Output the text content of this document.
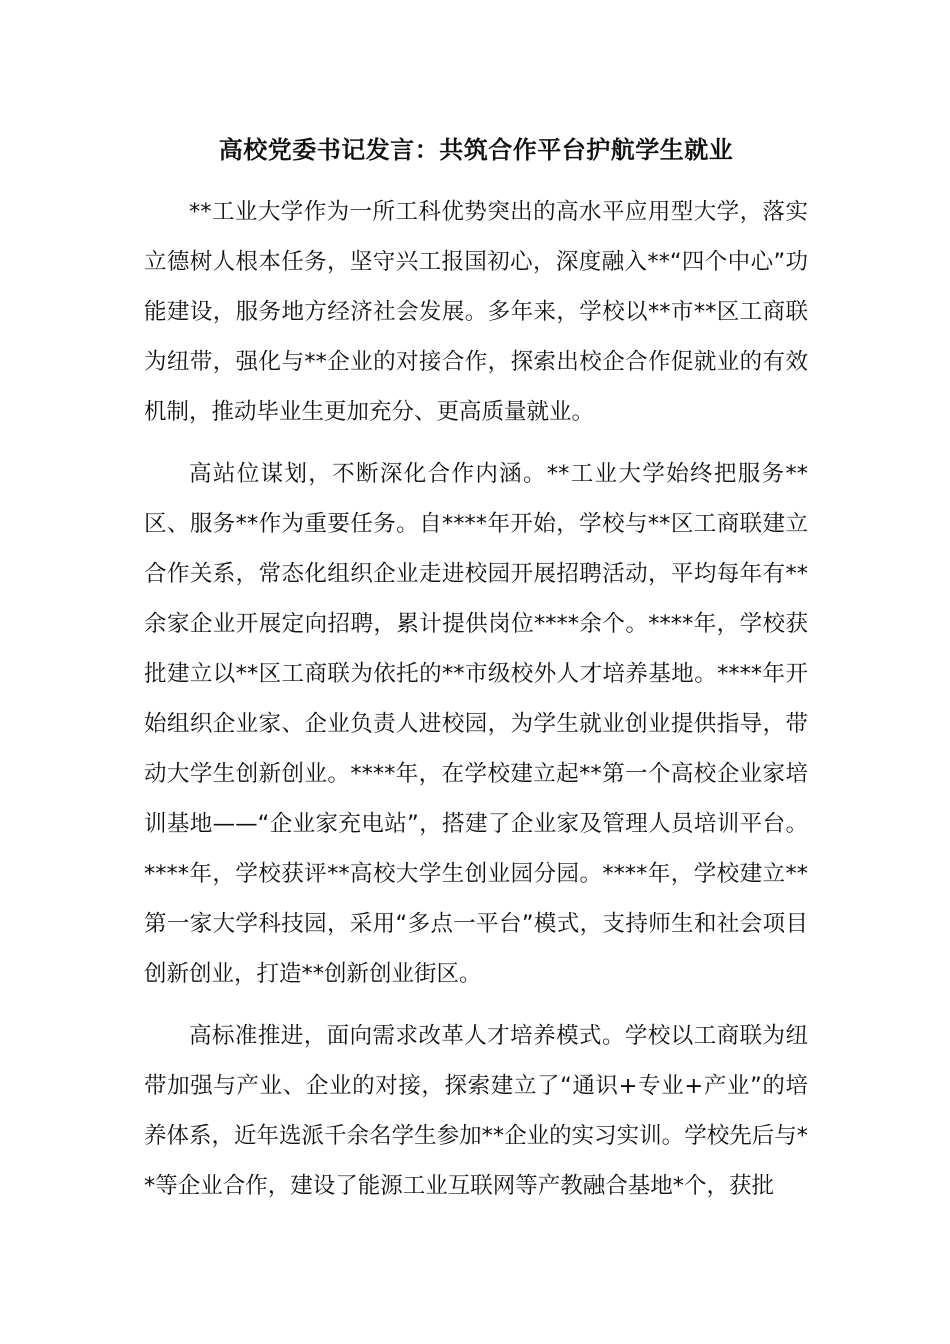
高校党委书记发言：共筑合作平台护航学生就业

**工业大学作为一所工科优势突出的高水平应用型大学，落实立德树人根本任务，坚守兴工报国初心，深度融入**“四个中心”功能建设，服务地方经济社会发展。多年来，学校以**市**区工商联为纽带，强化与**企业的对接合作，探索出校企合作促就业的有效机制，推动毕业生更加充分、更高质量就业。

高站位谋划，不断深化合作内涵。**工业大学始终把服务**区、服务**作为重要任务。自****年开始，学校与**区工商联建立合作关系，常态化组织企业走进校园开展招聘活动，平均每年有**余家企业开展定向招聘，累计提供岗位****余个。****年，学校获批建立以**区工商联为依托的**市级校外人才培养基地。****年开始组织企业家、企业负责人进校园，为学生就业创业提供指导，带动大学生创新创业。****年，在学校建立起**第一个高校企业家培训基地——“企业家充电站”，搭建了企业家及管理人员培训平台。****年，学校获评**高校大学生创业园分园。****年，学校建立**第一家大学科技园，采用“多点一平台”模式，支持师生和社会项目创新创业，打造**创新创业街区。

高标准推进，面向需求改革人才培养模式。学校以工商联为纽带加强与产业、企业的对接，探索建立了“通识+专业+产业”的培养体系，近年选派千余名学生参加**企业的实习实训。学校先后与**等企业合作，建设了能源工业互联网等产教融合基地*个，获批
